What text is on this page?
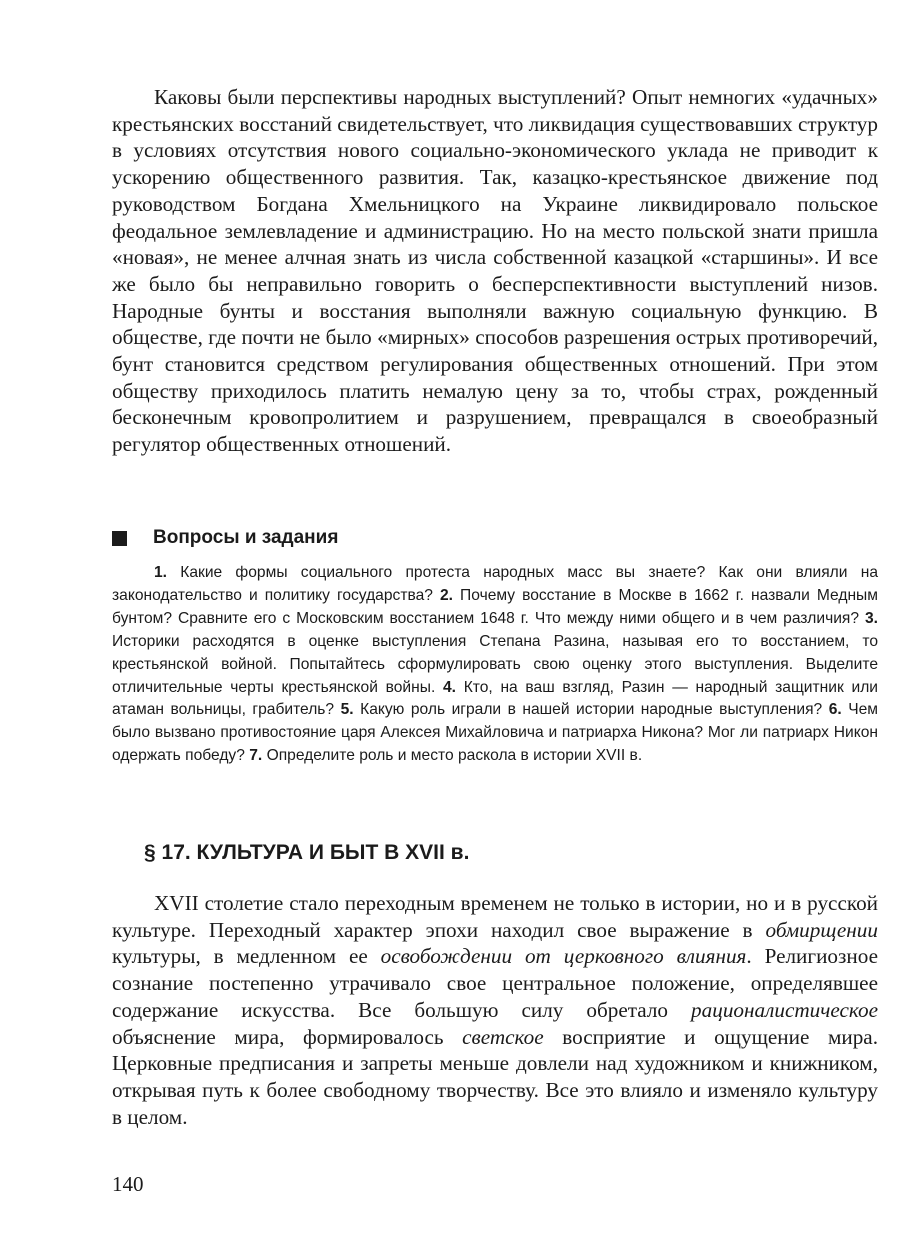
Каковы были перспективы народных выступлений? Опыт немногих «удачных» крестьянских восстаний свидетельствует, что ликвидация существовавших структур в условиях отсутствия нового социально-экономического уклада не приводит к ускорению общественного развития. Так, казацко-крестьянское движение под руководством Богдана Хмельницкого на Украине ликвидировало польское феодальное землевладение и администрацию. Но на место польской знати пришла «новая», не менее алчная знать из числа собственной казацкой «старшины». И все же было бы неправильно говорить о бесперспективности выступлений низов. Народные бунты и восстания выполняли важную социальную функцию. В обществе, где почти не было «мирных» способов разрешения острых противоречий, бунт становится средством регулирования общественных отношений. При этом обществу приходилось платить немалую цену за то, чтобы страх, рожденный бесконечным кровопролитием и разрушением, превращался в своеобразный регулятор общественных отношений.

Вопросы и задания

1. Какие формы социального протеста народных масс вы знаете? Как они влияли на законодательство и политику государства? 2. Почему восстание в Москве в 1662 г. назвали Медным бунтом? Сравните его с Московским восстанием 1648 г. Что между ними общего и в чем различия? 3. Историки расходятся в оценке выступления Степана Разина, называя его то восстанием, то крестьянской войной. Попытайтесь сформулировать свою оценку этого выступления. Выделите отличительные черты крестьянской войны. 4. Кто, на ваш взгляд, Разин — народный защитник или атаман вольницы, грабитель? 5. Какую роль играли в нашей истории народные выступления? 6. Чем было вызвано противостояние царя Алексея Михайловича и патриарха Никона? Мог ли патриарх Никон одержать победу? 7. Определите роль и место раскола в истории XVII в.

§ 17. КУЛЬТУРА И БЫТ В XVII в.

XVII столетие стало переходным временем не только в истории, но и в русской культуре. Переходный характер эпохи находил свое выражение в обмирщении культуры, в медленном ее освобождении от церковного влияния. Религиозное сознание постепенно утрачивало свое центральное положение, определявшее содержание искусства. Все большую силу обретало рационалистическое объяснение мира, формировалось светское восприятие и ощущение мира. Церковные предписания и запреты меньше довлели над художником и книжником, открывая путь к более свободному творчеству. Все это влияло и изменяло культуру в целом.

140
